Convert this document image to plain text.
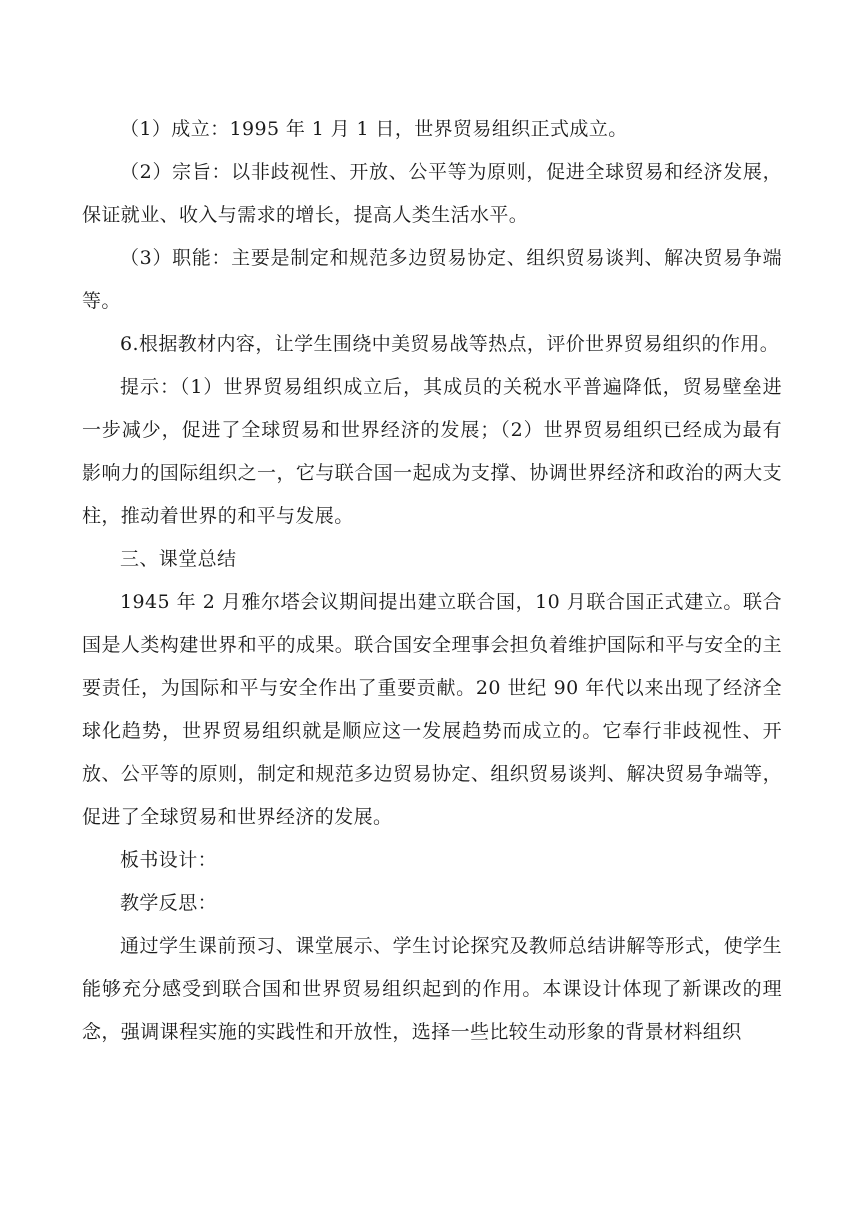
（1）成立：1995 年 1 月 1 日，世界贸易组织正式成立。

（2）宗旨：以非歧视性、开放、公平等为原则，促进全球贸易和经济发展，保证就业、收入与需求的增长，提高人类生活水平。

（3）职能：主要是制定和规范多边贸易协定、组织贸易谈判、解决贸易争端等。

6.根据教材内容，让学生围绕中美贸易战等热点，评价世界贸易组织的作用。

提示：（1）世界贸易组织成立后，其成员的关税水平普遍降低，贸易壁垒进一步减少，促进了全球贸易和世界经济的发展；（2）世界贸易组织已经成为最有影响力的国际组织之一，它与联合国一起成为支撑、协调世界经济和政治的两大支柱，推动着世界的和平与发展。

三、课堂总结

1945 年 2 月雅尔塔会议期间提出建立联合国，10 月联合国正式建立。联合国是人类构建世界和平的成果。联合国安全理事会担负着维护国际和平与安全的主要责任，为国际和平与安全作出了重要贡献。20 世纪 90 年代以来出现了经济全球化趋势，世界贸易组织就是顺应这一发展趋势而成立的。它奉行非歧视性、开放、公平等的原则，制定和规范多边贸易协定、组织贸易谈判、解决贸易争端等，促进了全球贸易和世界经济的发展。

板书设计：

教学反思：

通过学生课前预习、课堂展示、学生讨论探究及教师总结讲解等形式，使学生能够充分感受到联合国和世界贸易组织起到的作用。本课设计体现了新课改的理念，强调课程实施的实践性和开放性，选择一些比较生动形象的背景材料组织
